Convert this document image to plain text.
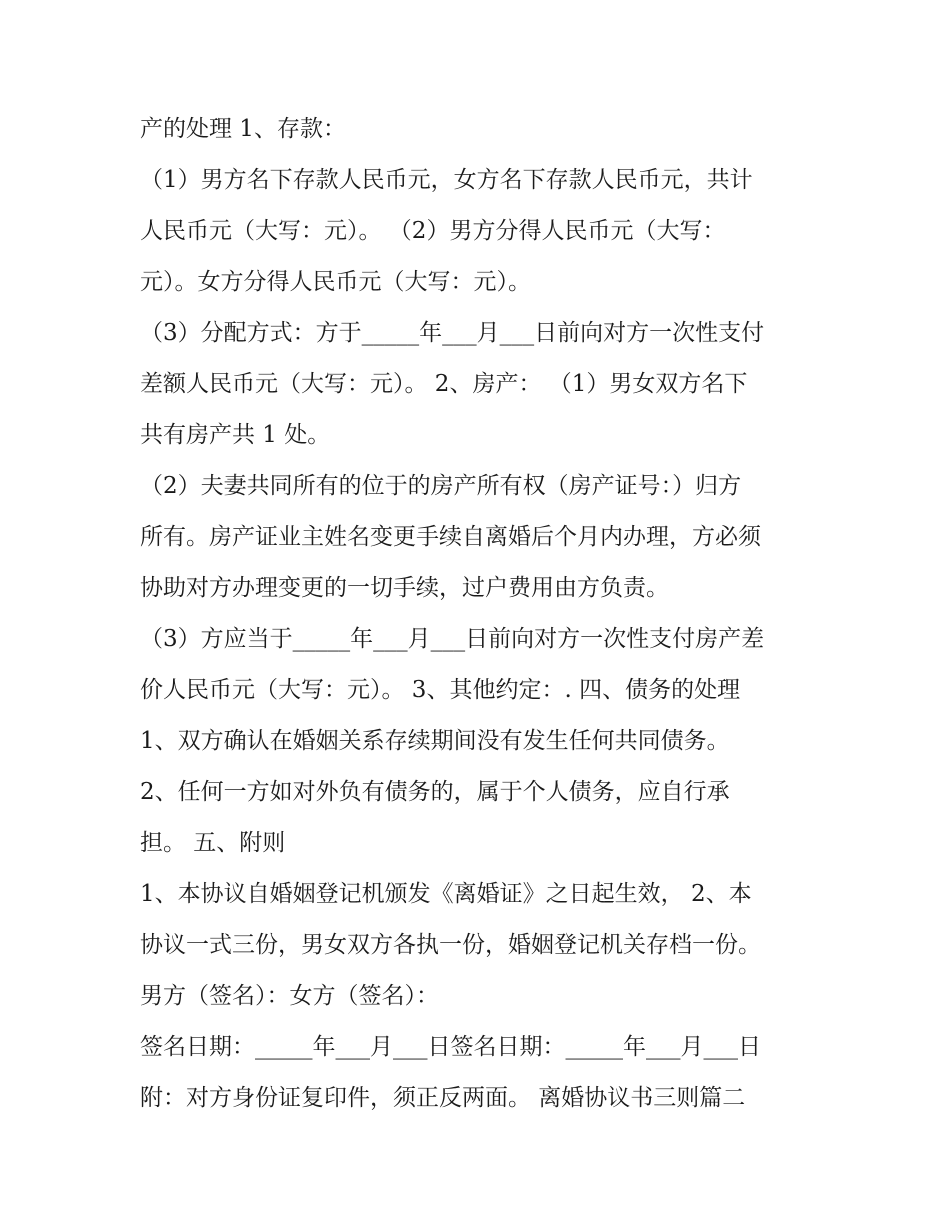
产的处理 1、存款：
（1）男方名下存款人民币元，女方名下存款人民币元，共计
人民币元（大写：元）。 （2）男方分得人民币元（大写：
元）。女方分得人民币元（大写：元）。
（3）分配方式：方于_____年___月___日前向对方一次性支付
差额人民币元（大写：元）。 2、房产： （1）男女双方名下
共有房产共 1 处。
（2）夫妻共同所有的位于的房产所有权（房产证号：）归方
所有。房产证业主姓名变更手续自离婚后个月内办理，方必须
协助对方办理变更的一切手续，过户费用由方负责。
（3）方应当于_____年___月___日前向对方一次性支付房产差
价人民币元（大写：元）。 3、其他约定：. 四、债务的处理
1、双方确认在婚姻关系存续期间没有发生任何共同债务。
2、任何一方如对外负有债务的，属于个人债务，应自行承
担。 五、附则
1、本协议自婚姻登记机颁发《离婚证》之日起生效， 2、本
协议一式三份，男女双方各执一份，婚姻登记机关存档一份。
男方（签名）：女方（签名）：
签名日期：_____年___月___日签名日期：_____年___月___日
附：对方身份证复印件，须正反两面。 离婚协议书三则篇二
